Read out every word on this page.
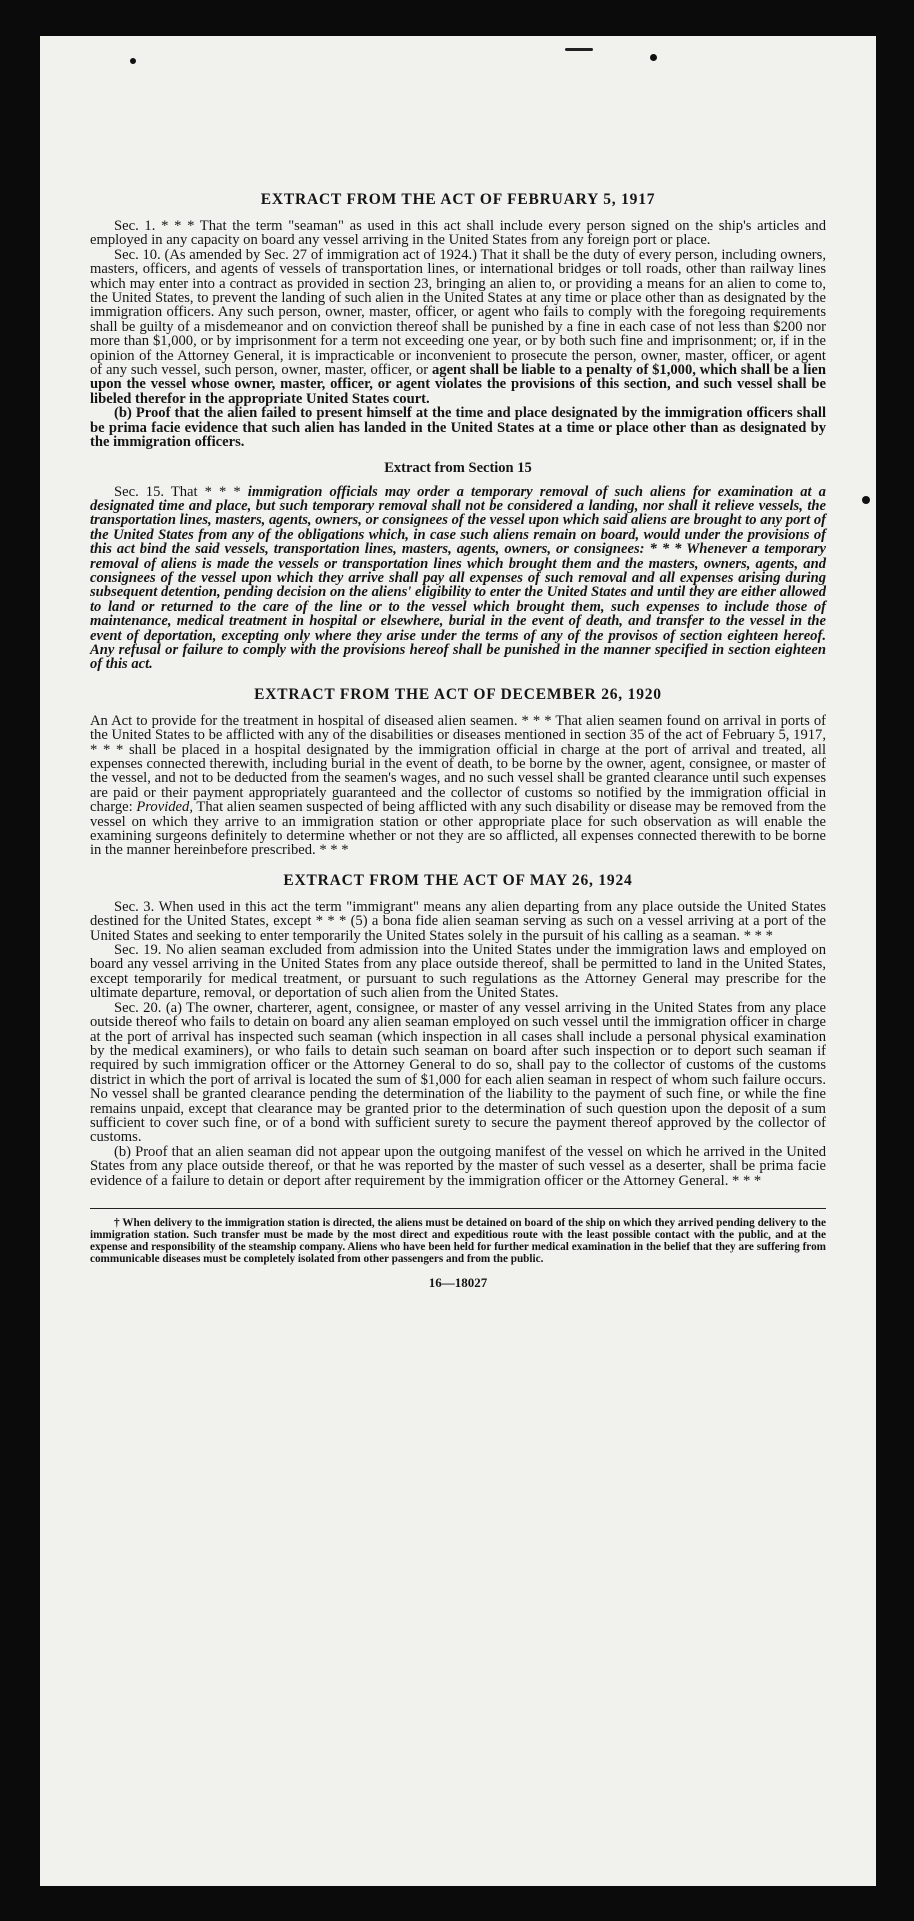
EXTRACT FROM THE ACT OF FEBRUARY 5, 1917

Sec. 1. * * * That the term "seaman" as used in this act shall include every person signed on the ship's articles and employed in any capacity on board any vessel arriving in the United States from any foreign port or place.

Sec. 10. (As amended by Sec. 27 of immigration act of 1924.) That it shall be the duty of every person, including owners, masters, officers, and agents of vessels of transportation lines, or international bridges or toll roads, other than railway lines which may enter into a contract as provided in section 23, bringing an alien to, or providing a means for an alien to come to, the United States, to prevent the landing of such alien in the United States at any time or place other than as designated by the immigration officers. Any such person, owner, master, officer, or agent who fails to comply with the foregoing requirements shall be guilty of a misdemeanor and on conviction thereof shall be punished by a fine in each case of not less than $200 nor more than $1,000, or by imprisonment for a term not exceeding one year, or by both such fine and imprisonment; or, if in the opinion of the Attorney General, it is impracticable or inconvenient to prosecute the person, owner, master, officer, or agent of any such vessel, such person, owner, master, officer, or agent shall be liable to a penalty of $1,000, which shall be a lien upon the vessel whose owner, master, officer, or agent violates the provisions of this section, and such vessel shall be libeled therefor in the appropriate United States court.

(b) Proof that the alien failed to present himself at the time and place designated by the immigration officers shall be prima facie evidence that such alien has landed in the United States at a time or place other than as designated by the immigration officers.

Extract from Section 15

Sec. 15. That * * * immigration officials may order a temporary removal of such aliens for examination at a designated time and place, but such temporary removal shall not be considered a landing, nor shall it relieve vessels, the transportation lines, masters, agents, owners, or consignees of the vessel upon which said aliens are brought to any port of the United States from any of the obligations which, in case such aliens remain on board, would under the provisions of this act bind the said vessels, transportation lines, masters, agents, owners, or consignees: * * * Whenever a temporary removal of aliens is made the vessels or transportation lines which brought them and the masters, owners, agents, and consignees of the vessel upon which they arrive shall pay all expenses of such removal and all expenses arising during subsequent detention, pending decision on the aliens' eligibility to enter the United States and until they are either allowed to land or returned to the care of the line or to the vessel which brought them, such expenses to include those of maintenance, medical treatment in hospital or elsewhere, burial in the event of death, and transfer to the vessel in the event of deportation, excepting only where they arise under the terms of any of the provisos of section eighteen hereof. Any refusal or failure to comply with the provisions hereof shall be punished in the manner specified in section eighteen of this act.

EXTRACT FROM THE ACT OF DECEMBER 26, 1920

An Act to provide for the treatment in hospital of diseased alien seamen. * * * That alien seamen found on arrival in ports of the United States to be afflicted with any of the disabilities or diseases mentioned in section 35 of the act of February 5, 1917, * * * shall be placed in a hospital designated by the immigration official in charge at the port of arrival and treated, all expenses connected therewith, including burial in the event of death, to be borne by the owner, agent, consignee, or master of the vessel, and not to be deducted from the seamen's wages, and no such vessel shall be granted clearance until such expenses are paid or their payment appropriately guaranteed and the collector of customs so notified by the immigration official in charge: Provided, That alien seamen suspected of being afflicted with any such disability or disease may be removed from the vessel on which they arrive to an immigration station or other appropriate place for such observation as will enable the examining surgeons definitely to determine whether or not they are so afflicted, all expenses connected therewith to be borne in the manner hereinbefore prescribed. * * *

EXTRACT FROM THE ACT OF MAY 26, 1924

Sec. 3. When used in this act the term "immigrant" means any alien departing from any place outside the United States destined for the United States, except * * * (5) a bona fide alien seaman serving as such on a vessel arriving at a port of the United States and seeking to enter temporarily the United States solely in the pursuit of his calling as a seaman. * * *

Sec. 19. No alien seaman excluded from admission into the United States under the immigration laws and employed on board any vessel arriving in the United States from any place outside thereof, shall be permitted to land in the United States, except temporarily for medical treatment, or pursuant to such regulations as the Attorney General may prescribe for the ultimate departure, removal, or deportation of such alien from the United States.

Sec. 20. (a) The owner, charterer, agent, consignee, or master of any vessel arriving in the United States from any place outside thereof who fails to detain on board any alien seaman employed on such vessel until the immigration officer in charge at the port of arrival has inspected such seaman (which inspection in all cases shall include a personal physical examination by the medical examiners), or who fails to detain such seaman on board after such inspection or to deport such seaman if required by such immigration officer or the Attorney General to do so, shall pay to the collector of customs of the customs district in which the port of arrival is located the sum of $1,000 for each alien seaman in respect of whom such failure occurs. No vessel shall be granted clearance pending the determination of the liability to the payment of such fine, or while the fine remains unpaid, except that clearance may be granted prior to the determination of such question upon the deposit of a sum sufficient to cover such fine, or of a bond with sufficient surety to secure the payment thereof approved by the collector of customs.

(b) Proof that an alien seaman did not appear upon the outgoing manifest of the vessel on which he arrived in the United States from any place outside thereof, or that he was reported by the master of such vessel as a deserter, shall be prima facie evidence of a failure to detain or deport after requirement by the immigration officer or the Attorney General. * * *

† When delivery to the immigration station is directed, the aliens must be detained on board of the ship on which they arrived pending delivery to the immigration station. Such transfer must be made by the most direct and expeditious route with the least possible contact with the public, and at the expense and responsibility of the steamship company. Aliens who have been held for further medical examination in the belief that they are suffering from communicable diseases must be completely isolated from other passengers and from the public.

16—18027
